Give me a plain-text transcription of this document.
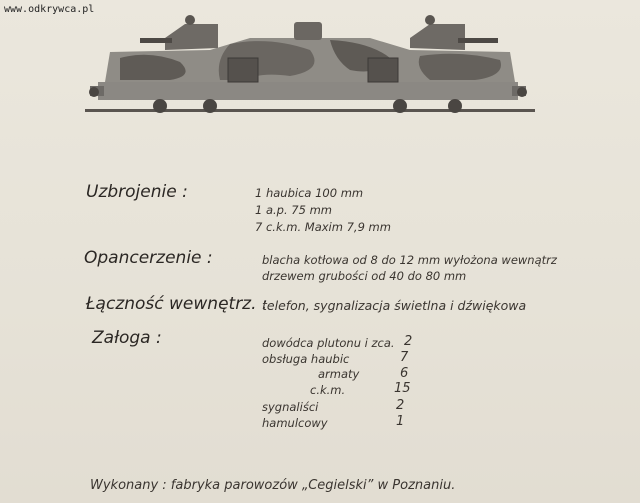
www.odkrywca.pl
Uzbrojenie :	1 haubica 100 mm
1 a.p. 75 mm
7 c.k.m. Maxim 7,9 mm
Opancerzenie :	blacha kotłowa od 8 do 12 mm wyłożona wewnątrz
drzewem grubości od 40 do 80 mm
Łączność wewnętrz. :
telefon, sygnalizacja świetlna i dźwiękowa
Załoga :	dowódca plutonu i zca. 2
obsługa haubic	7
armaty	6
c.k.m.	15
sygnaliści	2
hamulcowy	1
Wykonany : fabryka parowozów „Cegielski” w Poznaniu.
